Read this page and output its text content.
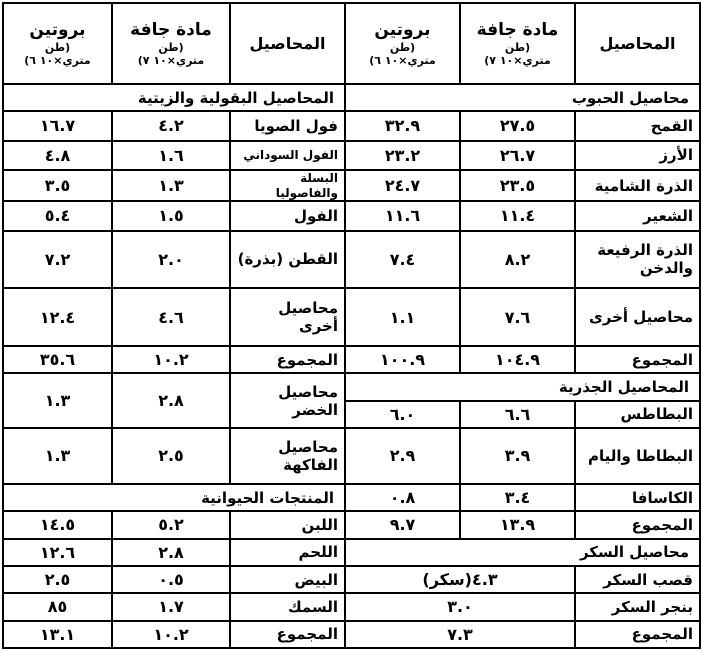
المحاصيل	مادة جافة
(طن
متري×١٠ ٧)	بروتين
(طن
متري×١٠ ٦)	المحاصيل	مادة جافة
(طن
متري×١٠ ٧)	بروتين
(طن
متري×١٠ ٦)

محاصيل الحبوب			المحاصيل البقولية والزيتية		
القمح	٢٧.٥	٣٢.٩	فول الصويا	٤.٢	١٦.٧
الأرز	٢٦.٧	٢٣.٢	الفول السوداني	١.٦	٤.٨
الذرة الشامية	٢٣.٥	٢٤.٧	البسلة والفاصوليا	١.٣	٣.٥
الشعير	١١.٤	١١.٦	الفول	١.٥	٥.٤
الذرة الرفيعة والدخن	٨.٢	٧.٤	القطن (بذرة)	٢.٠	٧.٢
محاصيل أخرى	٧.٦	١.١	محاصيل أخرى	٤.٦	١٢.٤
المجموع	١٠٤.٩	١٠٠.٩	المجموع	١٠.٢	٣٥.٦
المحاصيل الجذرية			محاصيل الخضر	٢.٨	١.٣
البطاطس	٦.٦	٦.٠			
البطاطا واليام	٣.٩	٢.٩	محاصيل الفاكهة	٢.٥	١.٣
الكاسافا	٣.٤	٠.٨	المنتجات الحيوانية		
المجموع	١٣.٩	٩.٧	اللبن	٥.٢	١٤.٥
محاصيل السكر			اللحم	٢.٨	١٢.٦
قصب السكر	٤.٣(سكر)		البيض	٠.٥	٢.٥
بنجر السكر	٣.٠		السمك	١.٧	٨٥
المجموع	٧.٣		المجموع	١٠.٢	١٣.١
